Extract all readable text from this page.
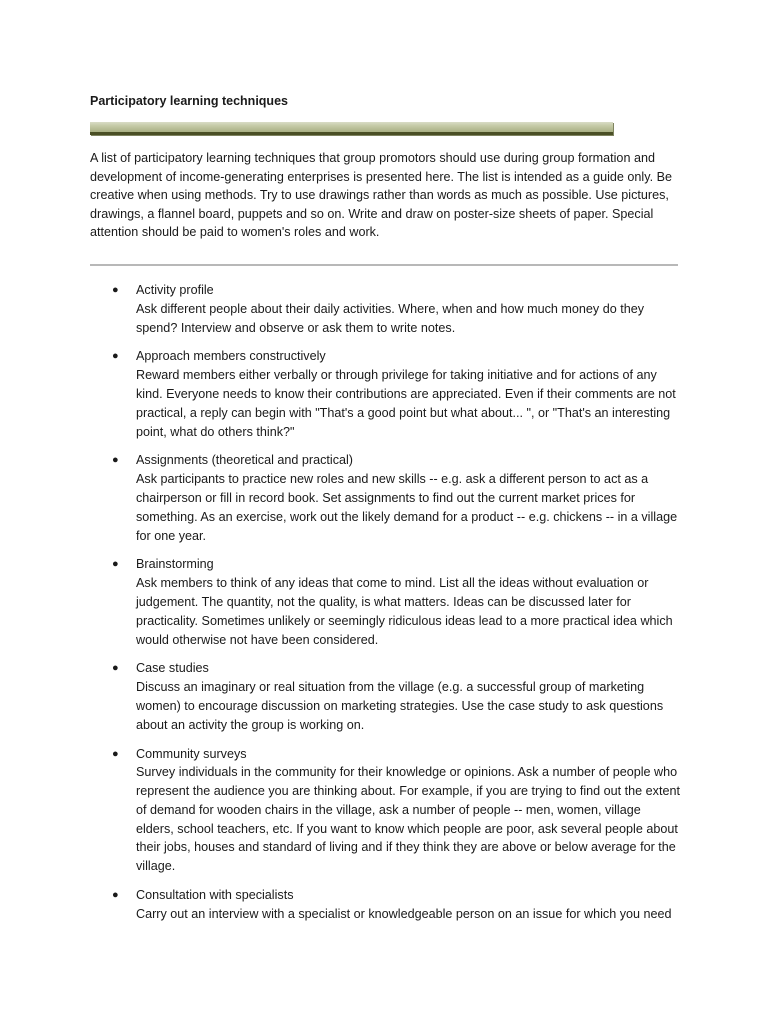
Participatory learning techniques

A list of participatory learning techniques that group promotors should use during group formation and development of income-generating enterprises is presented here. The list is intended as a guide only. Be creative when using methods. Try to use drawings rather than words as much as possible. Use pictures, drawings, a flannel board, puppets and so on. Write and draw on poster-size sheets of paper. Special attention should be paid to women's roles and work.

● Activity profile
Ask different people about their daily activities. Where, when and how much money do they spend? Interview and observe or ask them to write notes.
● Approach members constructively
Reward members either verbally or through privilege for taking initiative and for actions of any kind. Everyone needs to know their contributions are appreciated. Even if their comments are not practical, a reply can begin with "That's a good point but what about... ", or "That's an interesting point, what do others think?"
● Assignments (theoretical and practical)
Ask participants to practice new roles and new skills -- e.g. ask a different person to act as a chairperson or fill in record book. Set assignments to find out the current market prices for something. As an exercise, work out the likely demand for a product -- e.g. chickens -- in a village for one year.
● Brainstorming
Ask members to think of any ideas that come to mind. List all the ideas without evaluation or judgement. The quantity, not the quality, is what matters. Ideas can be discussed later for practicality. Sometimes unlikely or seemingly ridiculous ideas lead to a more practical idea which would otherwise not have been considered.
● Case studies
Discuss an imaginary or real situation from the village (e.g. a successful group of marketing women) to encourage discussion on marketing strategies. Use the case study to ask questions about an activity the group is working on.
● Community surveys
Survey individuals in the community for their knowledge or opinions. Ask a number of people who represent the audience you are thinking about. For example, if you are trying to find out the extent of demand for wooden chairs in the village, ask a number of people -- men, women, village elders, school teachers, etc. If you want to know which people are poor, ask several people about their jobs, houses and standard of living and if they think they are above or below average for the village.
● Consultation with specialists
Carry out an interview with a specialist or knowledgeable person on an issue for which you need
